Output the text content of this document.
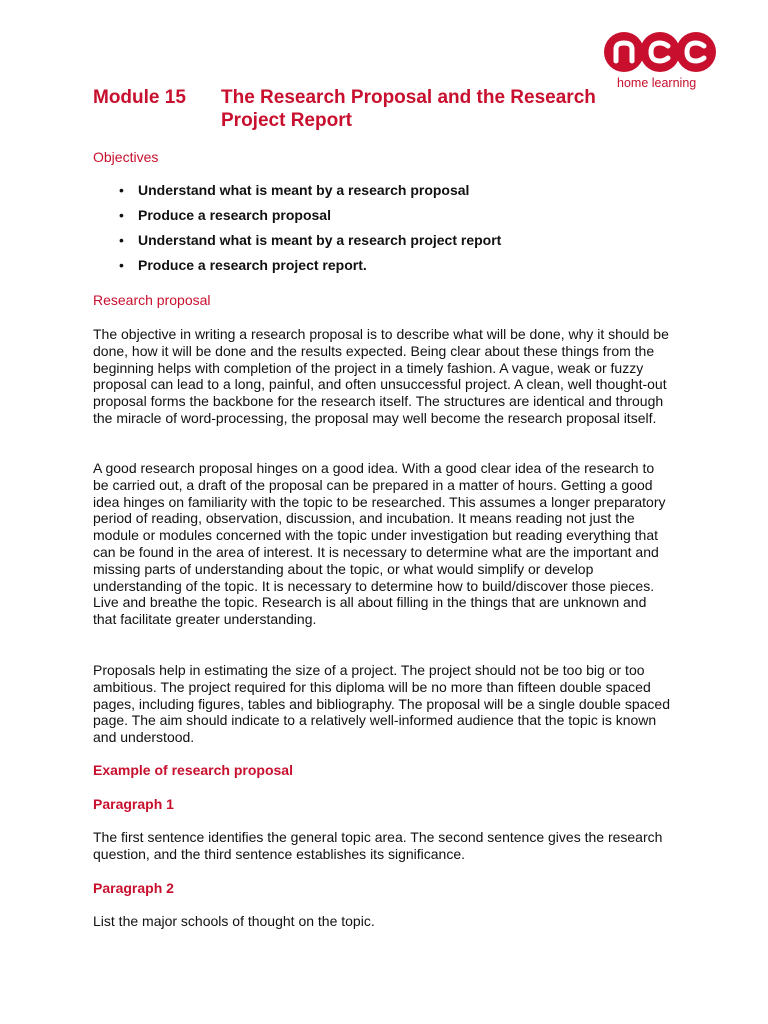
home learning
Module 15 The Research Proposal and the Research Project Report
Objectives
• Understand what is meant by a research proposal
• Produce a research proposal
• Understand what is meant by a research project report
• Produce a research project report.
Research proposal

The objective in writing a research proposal is to describe what will be done, why it should be done, how it will be done and the results expected. Being clear about these things from the beginning helps with completion of the project in a timely fashion. A vague, weak or fuzzy proposal can lead to a long, painful, and often unsuccessful project. A clean, well thought-out proposal forms the backbone for the research itself. The structures are identical and through the miracle of word-processing, the proposal may well become the research proposal itself.

A good research proposal hinges on a good idea. With a good clear idea of the research to be carried out, a draft of the proposal can be prepared in a matter of hours. Getting a good idea hinges on familiarity with the topic to be researched. This assumes a longer preparatory period of reading, observation, discussion, and incubation. It means reading not just the module or modules concerned with the topic under investigation but reading everything that can be found in the area of interest. It is necessary to determine what are the important and missing parts of understanding about the topic, or what would simplify or develop understanding of the topic. It is necessary to determine how to build/discover those pieces. Live and breathe the topic. Research is all about filling in the things that are unknown and that facilitate greater understanding.

Proposals help in estimating the size of a project. The project should not be too big or too ambitious. The project required for this diploma will be no more than fifteen double spaced pages, including figures, tables and bibliography. The proposal will be a single double spaced page. The aim should indicate to a relatively well-informed audience that the topic is known and understood.

Example of research proposal
Paragraph 1

The first sentence identifies the general topic area. The second sentence gives the research question, and the third sentence establishes its significance.

Paragraph 2

List the major schools of thought on the topic.
